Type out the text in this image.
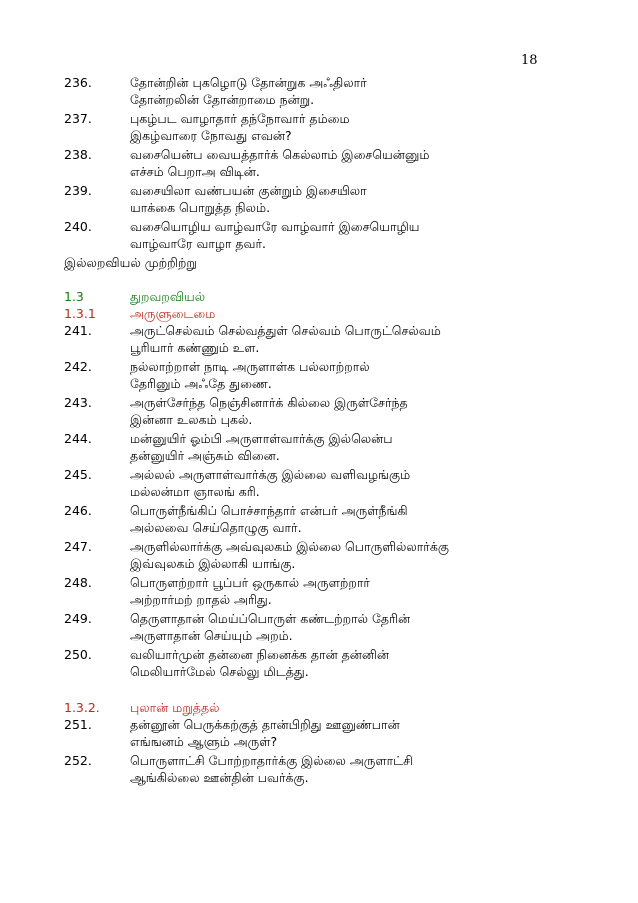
18
236.	தோன்றின் புகழொடு தோன்றுக அஃதிலார்
தோன்றலின் தோன்றாமை நன்று.
237.	புகழ்பட வாழாதார் தந்நோவார் தம்மை
இகழ்வாரை நோவது எவன்?
238.	வசையென்ப வையத்தார்க் கெல்லாம் இசையென்னும்
எச்சம் பெறாஅ விடின்.
239.	வசையிலா வண்பயன் குன்றும் இசையிலா
யாக்கை பொறுத்த நிலம்.
240.	வசையொழிய வாழ்வாரே வாழ்வார் இசையொழிய
வாழ்வாரே வாழா தவர்.
இல்லறவியல் முற்றிற்று
1.3	துறவறவியல்
1.3.1	அருளுடைமை
241.	அருட்செல்வம் செல்வத்துள் செல்வம் பொருட்செல்வம்
பூரியார் கண்ணும் உள.
242.	நல்லாற்றாள் நாடி அருளாள்க பல்லாற்றால்
தேரினும் அஃதே துணை.
243.	அருள்சேர்ந்த நெஞ்சினார்க் கில்லை இருள்சேர்ந்த
இன்னா உலகம் புகல்.
244.	மன்னுயிர் ஓம்பி அருளாள்வார்க்கு இல்லென்ப
தன்னுயிர் அஞ்சும் வினை.
245.	அல்லல் அருளாள்வார்க்கு இல்லை வளிவழங்கும்
மல்லன்மா ஞாலங் கரி.
246.	பொருள்நீங்கிப் பொச்சாந்தார் என்பர் அருள்நீங்கி
அல்லவை செய்தொழுகு வார்.
247.	அருளில்லார்க்கு அவ்வுலகம் இல்லை பொருளில்லார்க்கு
இவ்வுலகம் இல்லாகி யாங்கு.
248.	பொருளற்றார் பூப்பர் ஒருகால் அருளற்றார்
அற்றார்மற் றாதல் அரிது.
249.	தெருளாதான் மெய்ப்பொருள் கண்டற்றால் தேரின்
அருளாதான் செய்யும் அறம்.
250.	வலியார்முன் தன்னை நினைக்க தான் தன்னின்
மெலியார்மேல் செல்லு மிடத்து.
1.3.2.	புலான் மறுத்தல்
251.	தன்னூன் பெருக்கற்குத் தான்பிறிது ஊனுண்பான்
எங்ஙனம் ஆளும் அருள்?
252.	பொருளாட்சி போற்றாதார்க்கு இல்லை அருளாட்சி
ஆங்கில்லை ஊன்தின் பவர்க்கு.
